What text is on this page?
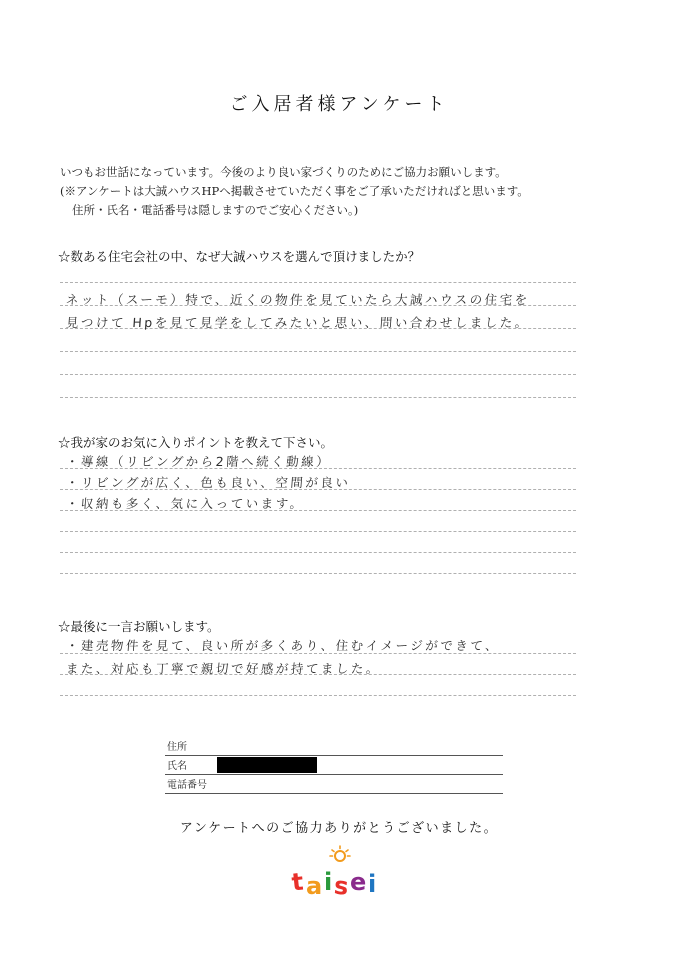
ご入居者様アンケート
いつもお世話になっています。今後のより良い家づくりのためにご協力お願いします。
(※アンケートは大誠ハウスHPへ掲載させていただく事をご了承いただければと思います。
住所・氏名・電話番号は隠しますのでご安心ください。)
☆数ある住宅会社の中、なぜ大誠ハウスを選んで頂けましたか？
ネット（スーモ）特で、近くの物件を見ていたら大誠ハウスの住宅を
見つけて Hpを見て見学をしてみたいと思い、問い合わせしました。
☆我が家のお気に入りポイントを教えて下さい。
・導線（リビングから2階へ続く動線）
・リビングが広く、色も良い、空間が良い
・収納も多く、気に入っています。
☆最後に一言お願いします。
・建売物件を見て、良い所が多くあり、住むイメージができて、
また、対応も丁寧で親切で好感が持てました。
住所
氏名
電話番号
アンケートへのご協力ありがとうございました。
t a i s e i
